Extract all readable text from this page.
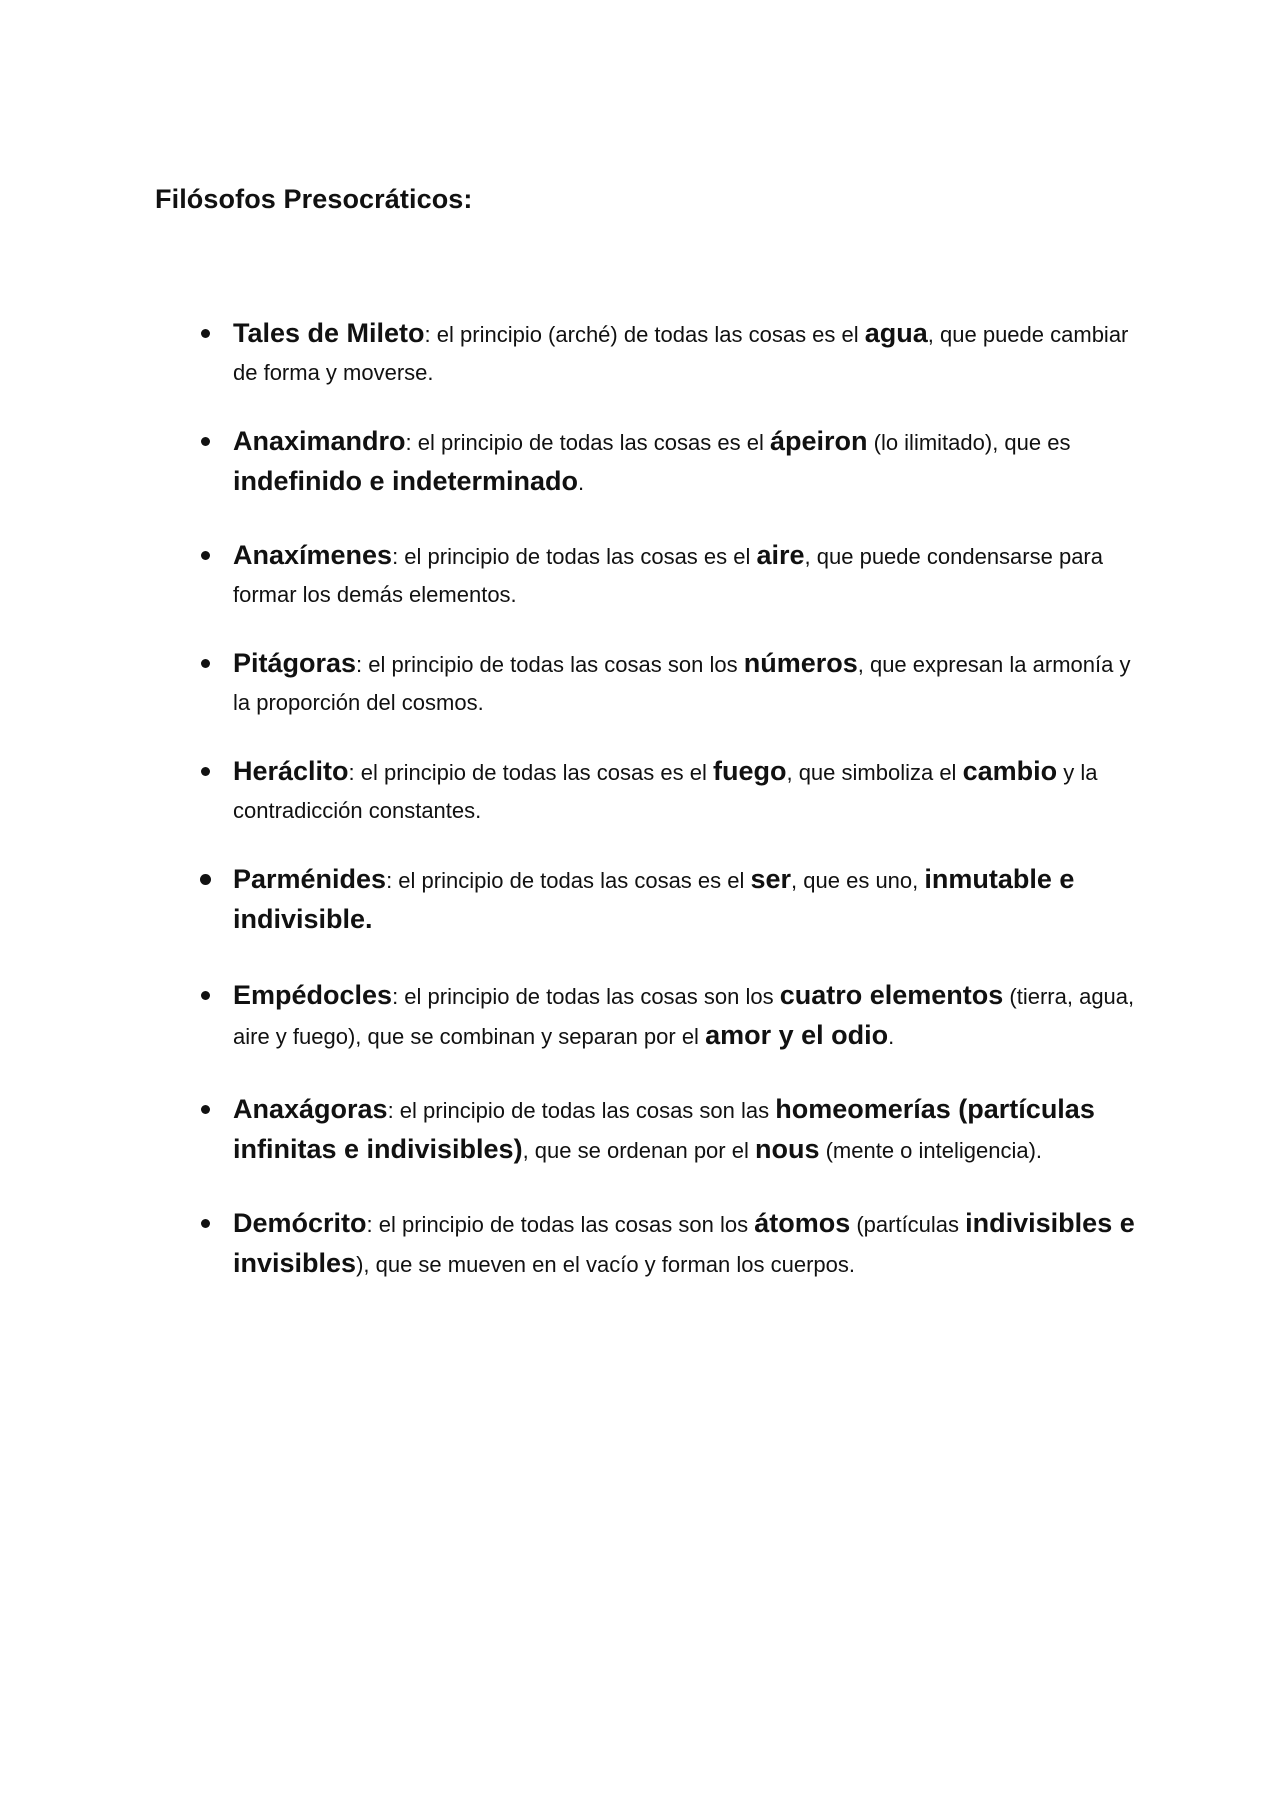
Filósofos Presocráticos:
Tales de Mileto: el principio (arché) de todas las cosas es el agua, que puede cambiar de forma y moverse.
Anaximandro: el principio de todas las cosas es el ápeiron (lo ilimitado), que es indefinido e indeterminado.
Anaxímenes: el principio de todas las cosas es el aire, que puede condensarse para formar los demás elementos.
Pitágoras: el principio de todas las cosas son los números, que expresan la armonía y la proporción del cosmos.
Heráclito: el principio de todas las cosas es el fuego, que simboliza el cambio y la contradicción constantes.
Parménides: el principio de todas las cosas es el ser, que es uno, inmutable e indivisible.
Empédocles: el principio de todas las cosas son los cuatro elementos (tierra, agua, aire y fuego), que se combinan y separan por el amor y el odio.
Anaxágoras: el principio de todas las cosas son las homeomerías (partículas infinitas e indivisibles), que se ordenan por el nous (mente o inteligencia).
Demócrito: el principio de todas las cosas son los átomos (partículas indivisibles e invisibles), que se mueven en el vacío y forman los cuerpos.
